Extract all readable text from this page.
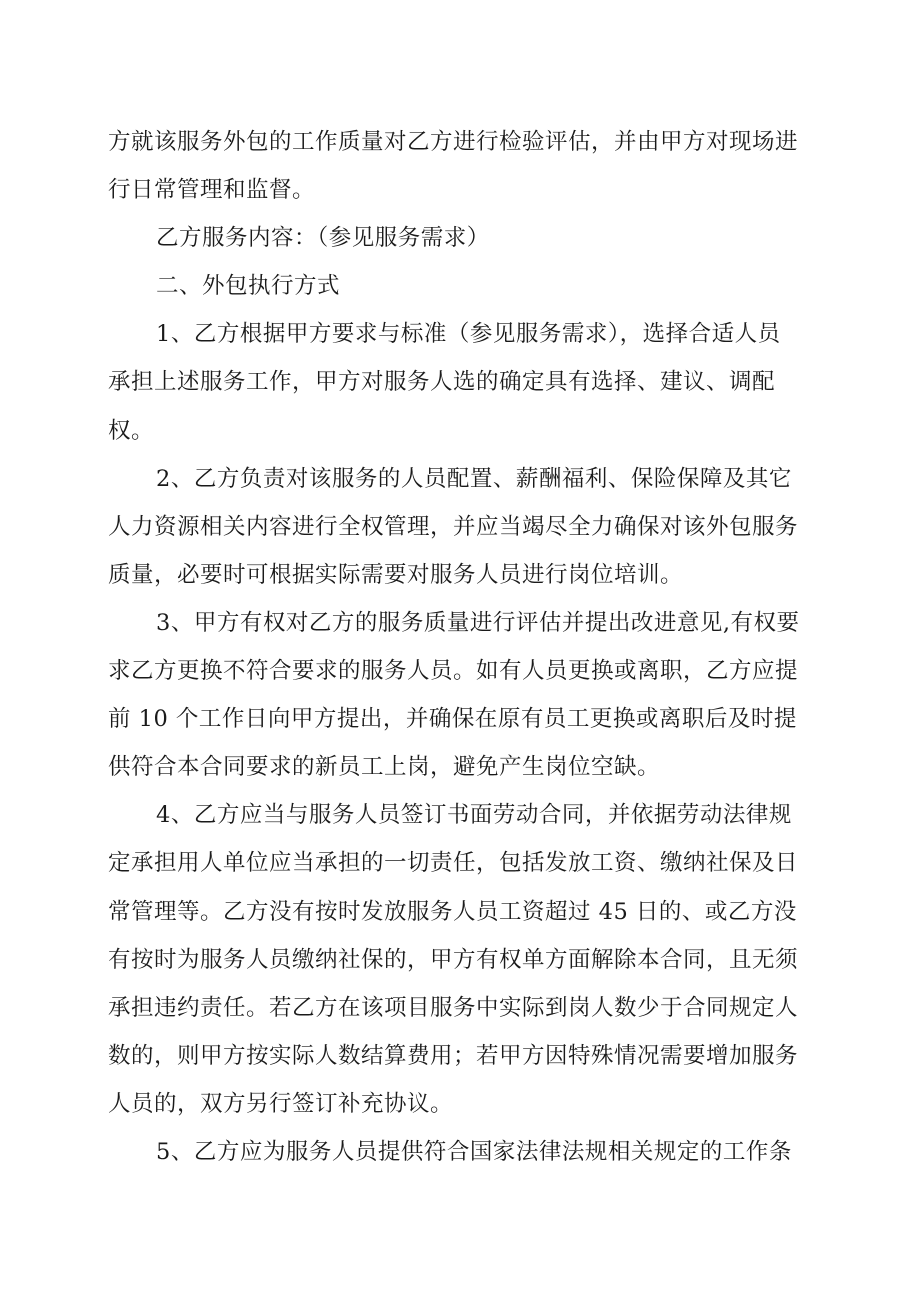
方就该服务外包的工作质量对乙方进行检验评估，并由甲方对现场进
行日常管理和监督。
乙方服务内容：（参见服务需求）
二、外包执行方式
1、乙方根据甲方要求与标准（参见服务需求），选择合适人员
承担上述服务工作，甲方对服务人选的确定具有选择、建议、调配
权。
2、乙方负责对该服务的人员配置、薪酬福利、保险保障及其它
人力资源相关内容进行全权管理，并应当竭尽全力确保对该外包服务
质量，必要时可根据实际需要对服务人员进行岗位培训。
3、甲方有权对乙方的服务质量进行评估并提出改进意见,有权要
求乙方更换不符合要求的服务人员。如有人员更换或离职，乙方应提
前 10 个工作日向甲方提出，并确保在原有员工更换或离职后及时提
供符合本合同要求的新员工上岗，避免产生岗位空缺。
4、乙方应当与服务人员签订书面劳动合同，并依据劳动法律规
定承担用人单位应当承担的一切责任，包括发放工资、缴纳社保及日
常管理等。乙方没有按时发放服务人员工资超过 45 日的、或乙方没
有按时为服务人员缴纳社保的，甲方有权单方面解除本合同，且无须
承担违约责任。若乙方在该项目服务中实际到岗人数少于合同规定人
数的，则甲方按实际人数结算费用；若甲方因特殊情况需要增加服务
人员的，双方另行签订补充协议。
5、乙方应为服务人员提供符合国家法律法规相关规定的工作条
